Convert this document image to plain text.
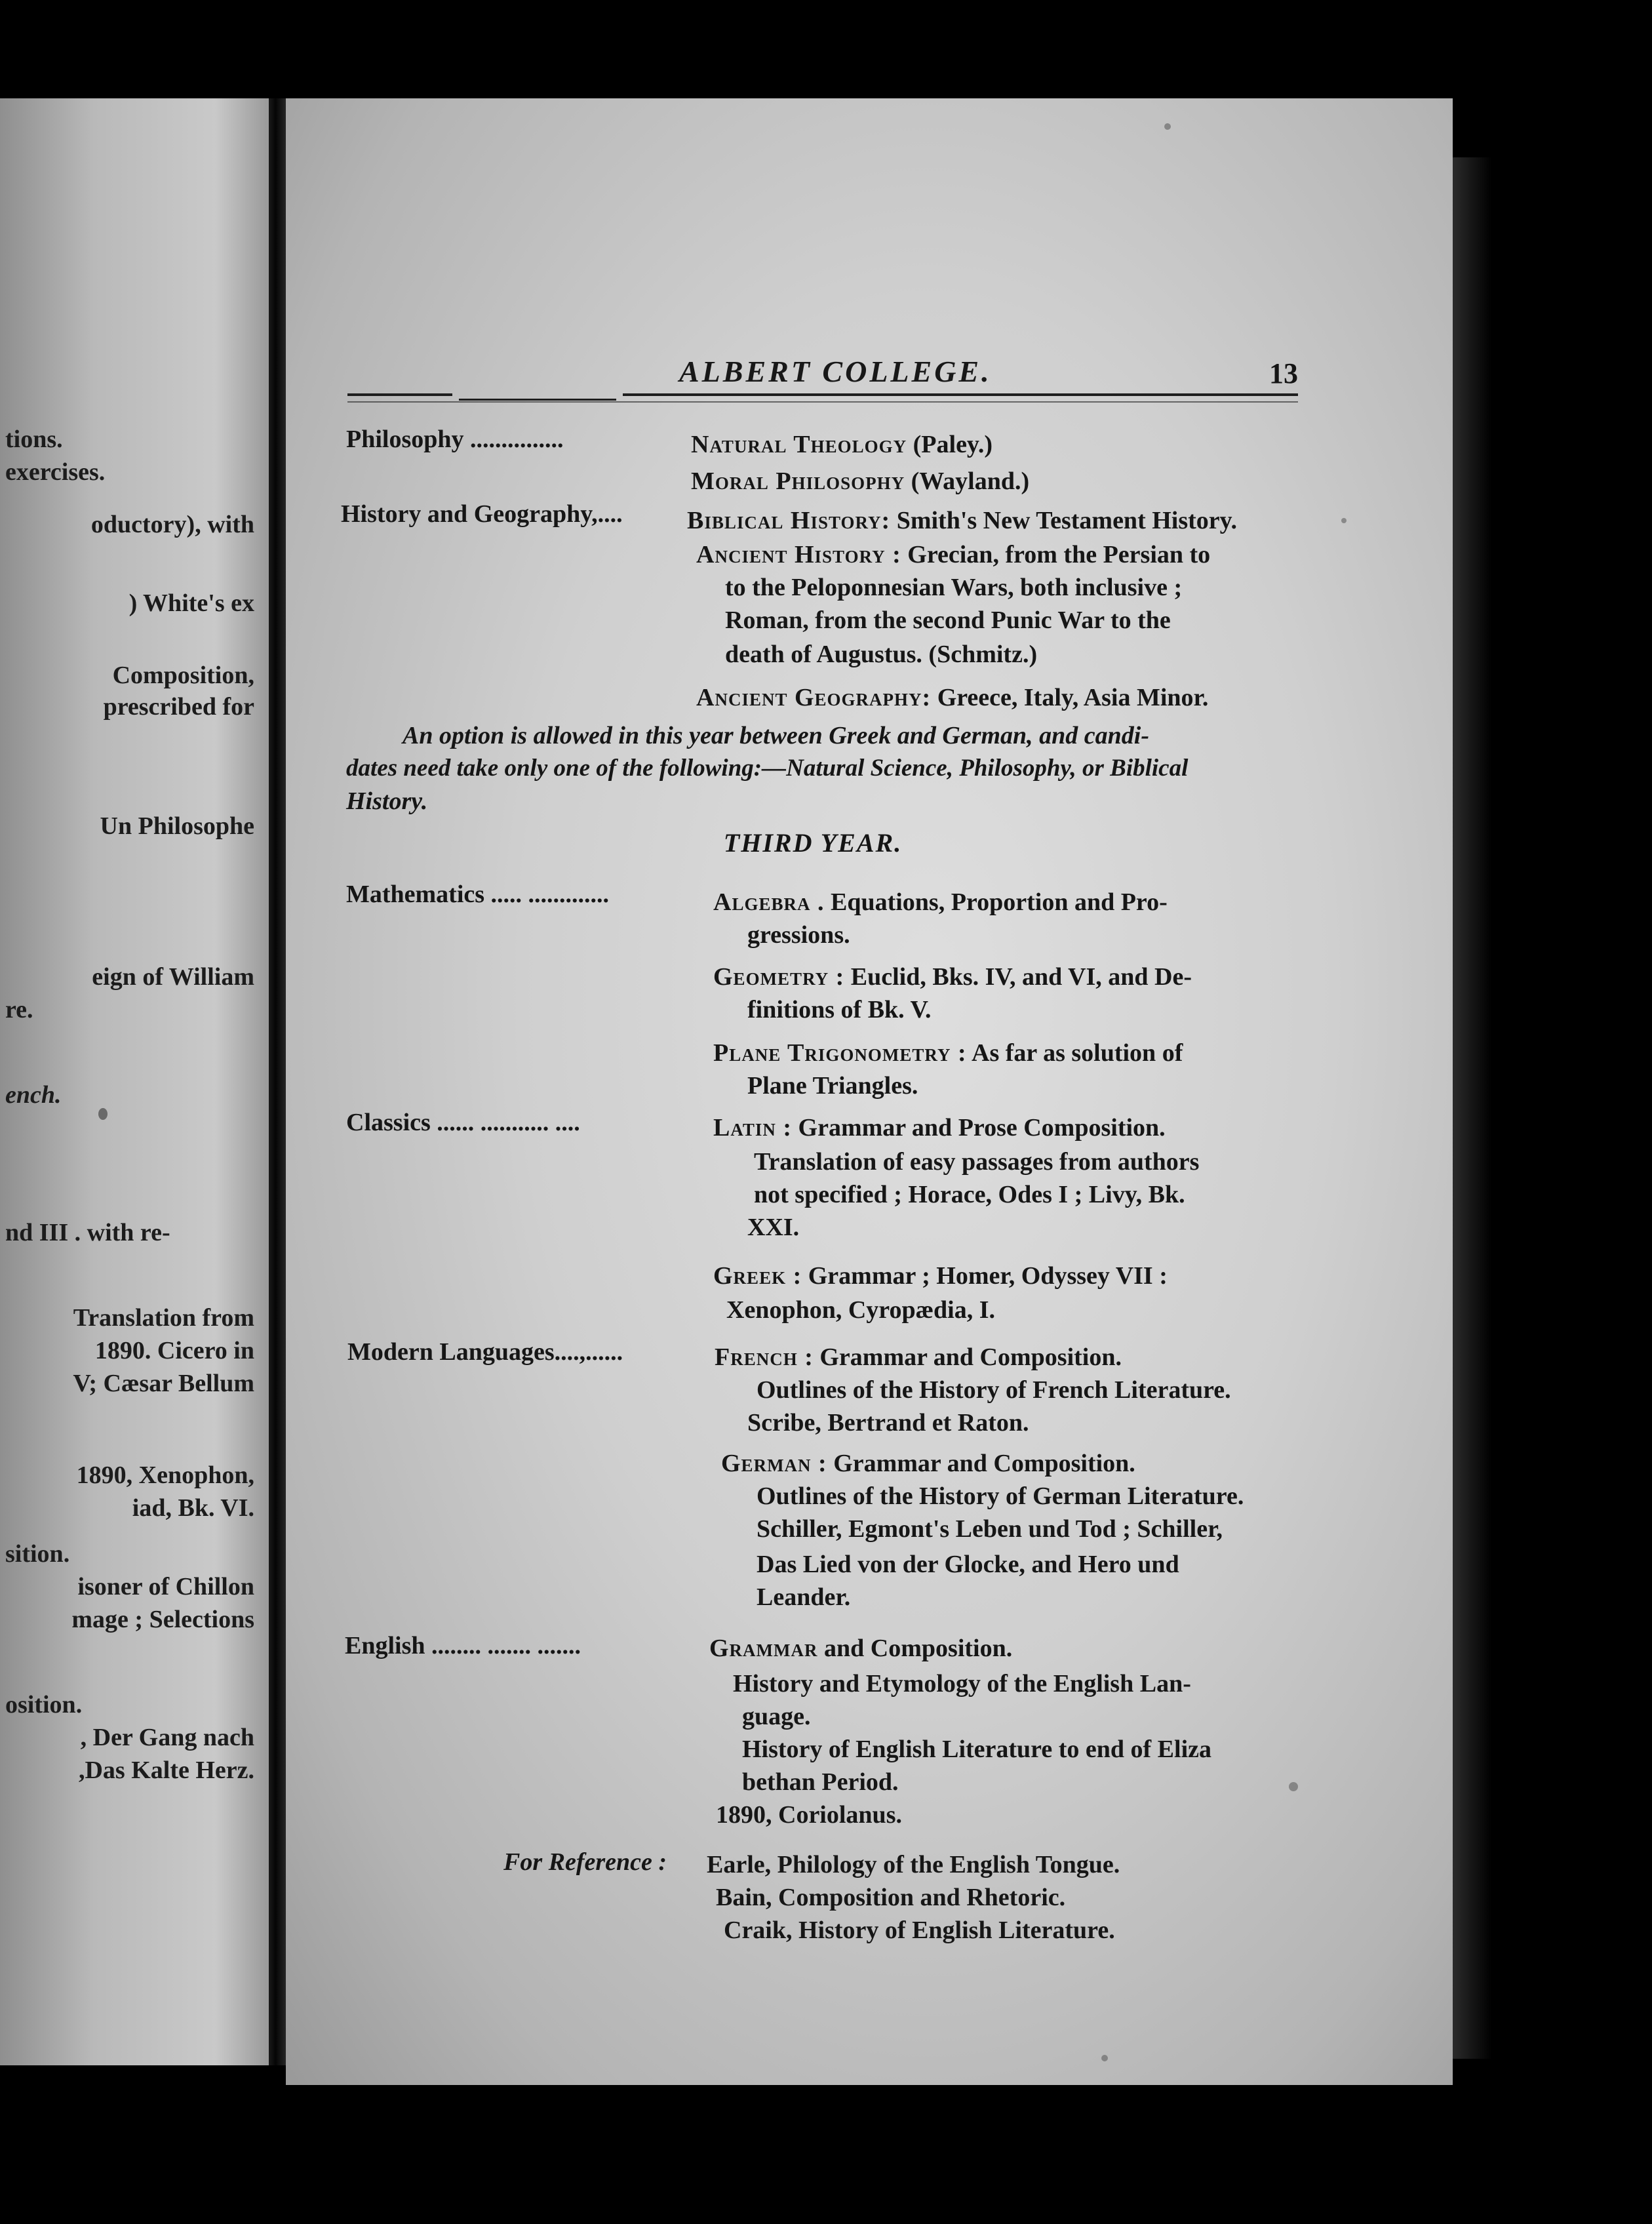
tions.
exercises.
oductory), with
) White's ex
Composition,
prescribed for
Un Philosophe
eign of William
re.
ench.
nd III . with re-
Translation from
1890. Cicero in
V; Cæsar Bellum
1890, Xenophon,
iad, Bk. VI.
sition.
isoner of Chillon
mage ; Selections
osition.
, Der Gang nach
,Das Kalte Herz.
ALBERT COLLEGE.	13
Philosophy ...............	Natural Theology (Paley.)
Moral Philosophy (Wayland.)
History and Geography,....	Biblical History: Smith's New Testament History.
Ancient History : Grecian, from the Persian to
to the Peloponnesian Wars, both inclusive ;
Roman, from the second Punic War to the
death of Augustus. (Schmitz.)
Ancient Geography: Greece, Italy, Asia Minor.
An option is allowed in this year between Greek and German, and candi-
dates need take only one of the following:—Natural Science, Philosophy, or Biblical
History.
THIRD YEAR.
Mathematics ..... .............	Algebra . Equations, Proportion and Pro-
gressions.
Geometry : Euclid, Bks. IV, and VI, and De-
finitions of Bk. V.
Plane Trigonometry : As far as solution of
Plane Triangles.
Classics ...... ........... ....	Latin : Grammar and Prose Composition.
Translation of easy passages from authors
not specified ; Horace, Odes I ; Livy, Bk.
XXI.
Greek : Grammar ; Homer, Odyssey VII :
Xenophon, Cyropædia, I.
Modern Languages....,......	French : Grammar and Composition.
Outlines of the History of French Literature.
Scribe, Bertrand et Raton.
German : Grammar and Composition.
Outlines of the History of German Literature.
Schiller, Egmont's Leben und Tod ; Schiller,
Das Lied von der Glocke, and Hero und
Leander.
English ........ ....... .......	Grammar and Composition.
History and Etymology of the English Lan-
guage.
History of English Literature to end of Eliza
bethan Period.
1890, Coriolanus.
For Reference : Earle, Philology of the English Tongue.
Bain, Composition and Rhetoric.
Craik, History of English Literature.
